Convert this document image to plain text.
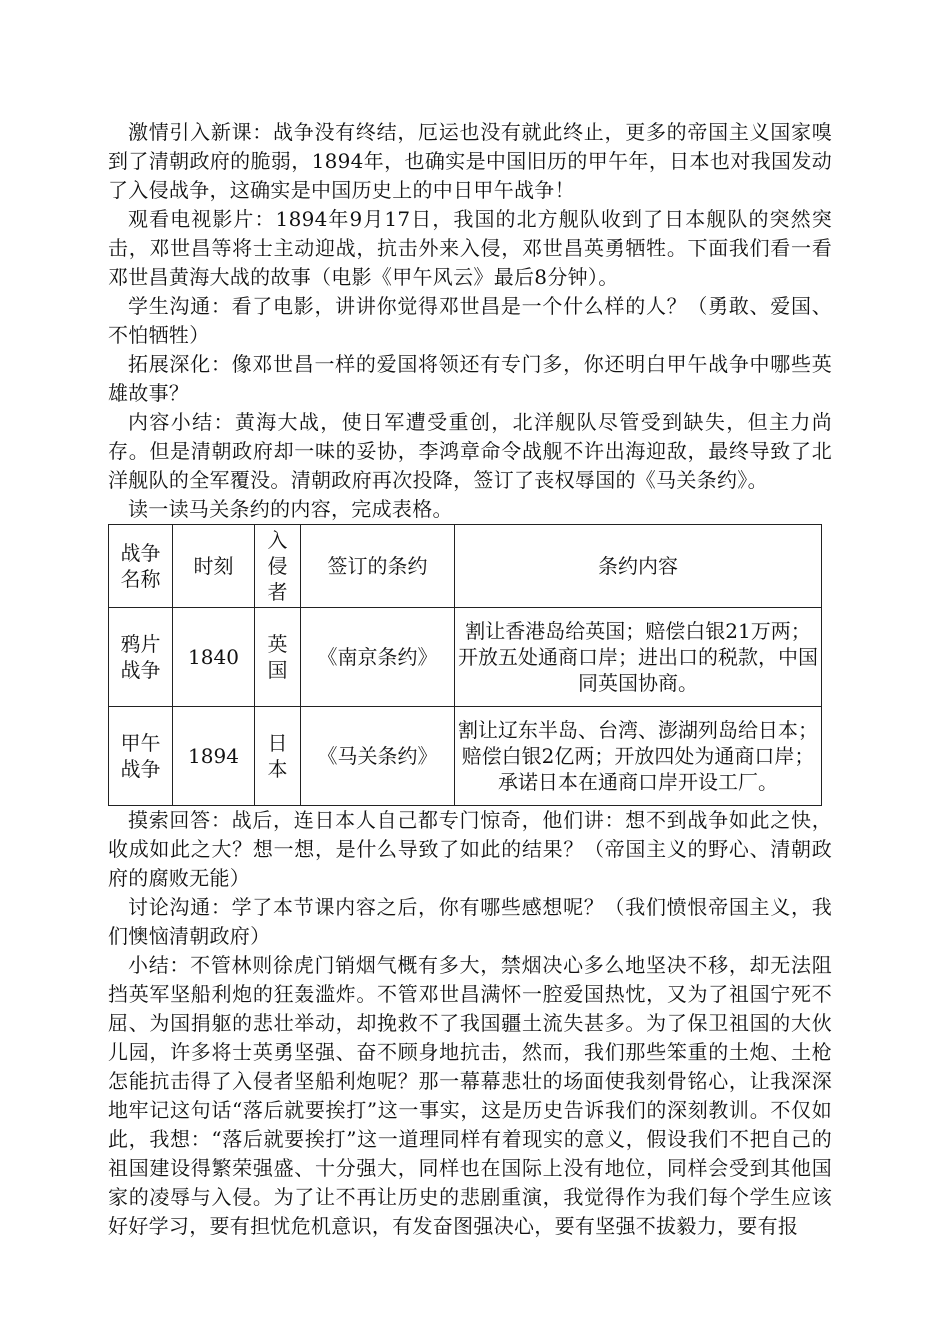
激情引入新课：战争没有终结，厄运也没有就此终止，更多的帝国主义国家嗅到了清朝政府的脆弱，1894年，也确实是中国旧历的甲午年，日本也对我国发动了入侵战争，这确实是中国历史上的中日甲午战争！

观看电视影片：1894年9月17日，我国的北方舰队收到了日本舰队的突然突击，邓世昌等将士主动迎战，抗击外来入侵，邓世昌英勇牺牲。下面我们看一看邓世昌黄海大战的故事（电影《甲午风云》最后8分钟）。

学生沟通：看了电影，讲讲你觉得邓世昌是一个什么样的人？（勇敢、爱国、不怕牺牲）

拓展深化：像邓世昌一样的爱国将领还有专门多，你还明白甲午战争中哪些英雄故事？

内容小结：黄海大战，使日军遭受重创，北洋舰队尽管受到缺失，但主力尚存。但是清朝政府却一味的妥协，李鸿章命令战舰不许出海迎敌，最终导致了北洋舰队的全军覆没。清朝政府再次投降，签订了丧权辱国的《马关条约》。

读一读马关条约的内容，完成表格。

战争名称	时刻	入侵者	签订的条约	条约内容
鸦片战争	1840	英国	《南京条约》	割让香港岛给英国；赔偿白银21万两；开放五处通商口岸；进出口的税款，中国同英国协商。
甲午战争	1894	日本	《马关条约》	割让辽东半岛、台湾、澎湖列岛给日本；赔偿白银2亿两；开放四处为通商口岸；承诺日本在通商口岸开设工厂。

摸索回答：战后，连日本人自己都专门惊奇，他们讲：想不到战争如此之快，收成如此之大？想一想，是什么导致了如此的结果？（帝国主义的野心、清朝政府的腐败无能）

讨论沟通：学了本节课内容之后，你有哪些感想呢？（我们愤恨帝国主义，我们懊恼清朝政府）

小结：不管林则徐虎门销烟气概有多大，禁烟决心多么地坚决不移，却无法阻挡英军坚船利炮的狂轰滥炸。不管邓世昌满怀一腔爱国热忱，又为了祖国宁死不屈、为国捐躯的悲壮举动，却挽救不了我国疆土流失甚多。为了保卫祖国的大伙儿园，许多将士英勇坚强、奋不顾身地抗击，然而，我们那些笨重的土炮、土枪怎能抗击得了入侵者坚船利炮呢？那一幕幕悲壮的场面使我刻骨铭心，让我深深地牢记这句话“落后就要挨打”这一事实，这是历史告诉我们的深刻教训。不仅如此，我想：“落后就要挨打”这一道理同样有着现实的意义，假设我们不把自己的祖国建设得繁荣强盛、十分强大，同样也在国际上没有地位，同样会受到其他国家的凌辱与入侵。为了让不再让历史的悲剧重演，我觉得作为我们每个学生应该好好学习，要有担忧危机意识，有发奋图强决心，要有坚强不拔毅力，要有报
